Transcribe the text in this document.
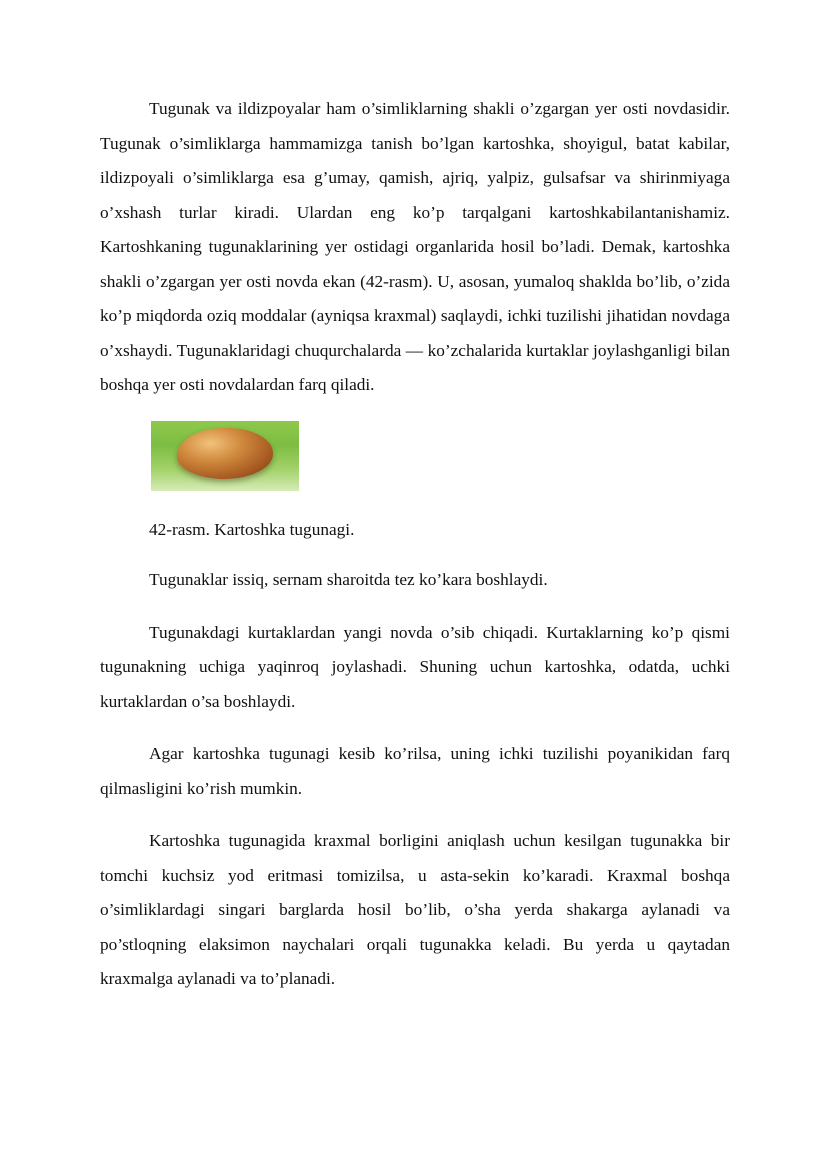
Tugunak va ildizpoyalar ham o’simliklarning shakli o’zgargan yer osti novdasidir. Tugunak o’simliklarga hammamizga tanish bo’lgan kartoshka, shoyigul, batat kabilar, ildizpoyali o’simliklarga esa g’umay, qamish, ajriq, yalpiz, gulsafsar va shirinmiyaga o’xshash turlar kiradi. Ulardan eng ko’p tarqalgani kartoshkabilantanishamiz. Kartoshkaning tugunaklarining yer ostidagi organlarida hosil bo’ladi. Demak, kartoshka shakli o’zgargan yer osti novda ekan (42-rasm). U, asosan, yumaloq shaklda bo’lib, o’zida ko’p miqdorda oziq moddalar (ayniqsa kraxmal) saqlaydi, ichki tuzilishi jihatidan novdaga o’xshaydi. Tugunaklaridagi chuqurchalarda — ko’zchalarida kurtaklar joylashganligi bilan boshqa yer osti novdalardan farq qiladi.

42-rasm. Kartoshka tugunagi.

Tugunaklar issiq, sernam sharoitda tez ko’kara boshlaydi.

Tugunakdagi kurtaklardan yangi novda o’sib chiqadi. Kurtaklarning ko’p qismi tugunakning uchiga yaqinroq joylashadi. Shuning uchun kartoshka, odatda, uchki kurtaklardan o’sa boshlaydi.

Agar kartoshka tugunagi kesib ko’rilsa, uning ichki tuzilishi poyanikidan farq qilmasligini ko’rish mumkin.

Kartoshka tugunagida kraxmal borligini aniqlash uchun kesilgan tugunakka bir tomchi kuchsiz yod eritmasi tomizilsa, u asta-sekin ko’karadi. Kraxmal boshqa o’simliklardagi singari barglarda hosil bo’lib, o’sha yerda shakarga aylanadi va po’stloqning elaksimon naychalari orqali tugunakka keladi. Bu yerda u qaytadan kraxmalga aylanadi va to’planadi.
